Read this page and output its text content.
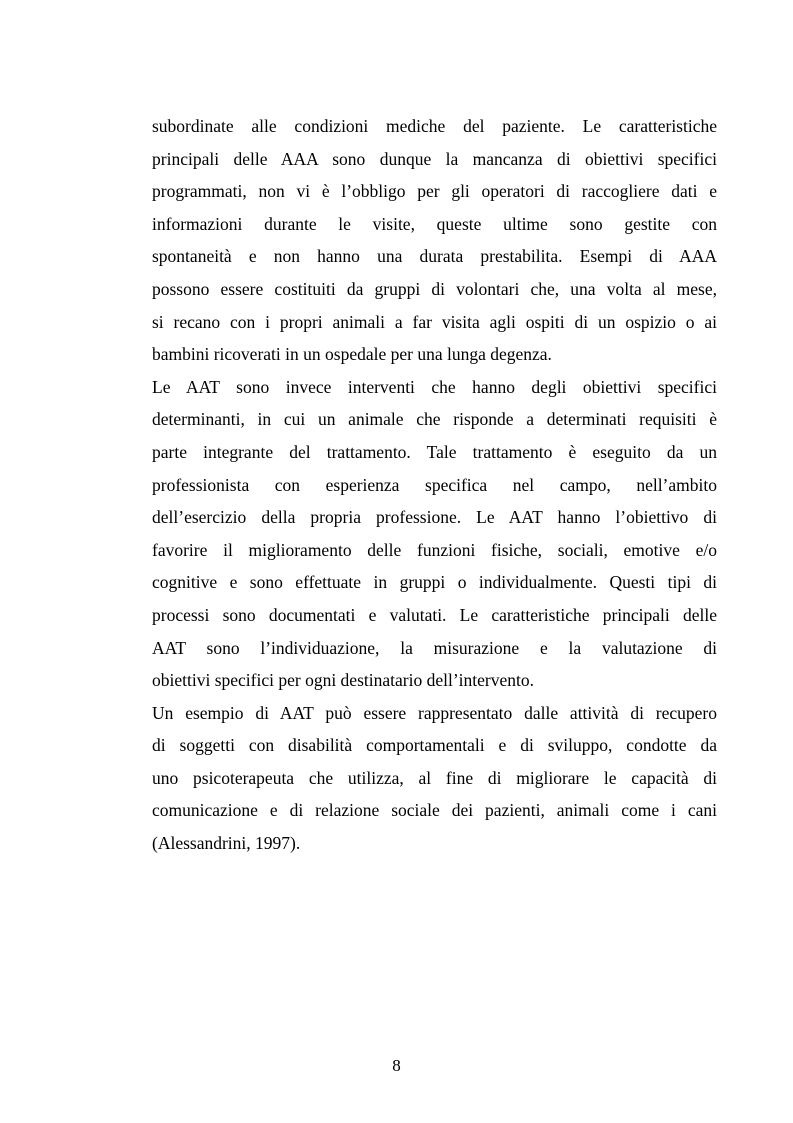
subordinate alle condizioni mediche del paziente. Le caratteristiche
principali delle AAA sono dunque la mancanza di obiettivi specifici
programmati, non vi è l’obbligo per gli operatori di raccogliere dati e
informazioni durante le visite, queste ultime sono gestite con
spontaneità e non hanno una durata prestabilita. Esempi di AAA
possono essere costituiti da gruppi di volontari che, una volta al mese,
si recano con i propri animali a far visita agli ospiti di un ospizio o ai
bambini ricoverati in un ospedale per una lunga degenza.

Le AAT sono invece interventi che hanno degli obiettivi specifici
determinanti, in cui un animale che risponde a determinati requisiti è
parte integrante del trattamento. Tale trattamento è eseguito da un
professionista con esperienza specifica nel campo, nell’ambito
dell’esercizio della propria professione. Le AAT hanno l’obiettivo di
favorire il miglioramento delle funzioni fisiche, sociali, emotive e/o
cognitive e sono effettuate in gruppi o individualmente. Questi tipi di
processi sono documentati e valutati. Le caratteristiche principali delle
AAT sono l’individuazione, la misurazione e la valutazione di
obiettivi specifici per ogni destinatario dell’intervento.

Un esempio di AAT può essere rappresentato dalle attività di recupero
di soggetti con disabilità comportamentali e di sviluppo, condotte da
uno psicoterapeuta che utilizza, al fine di migliorare le capacità di
comunicazione e di relazione sociale dei pazienti, animali come i cani
(Alessandrini, 1997).

8
